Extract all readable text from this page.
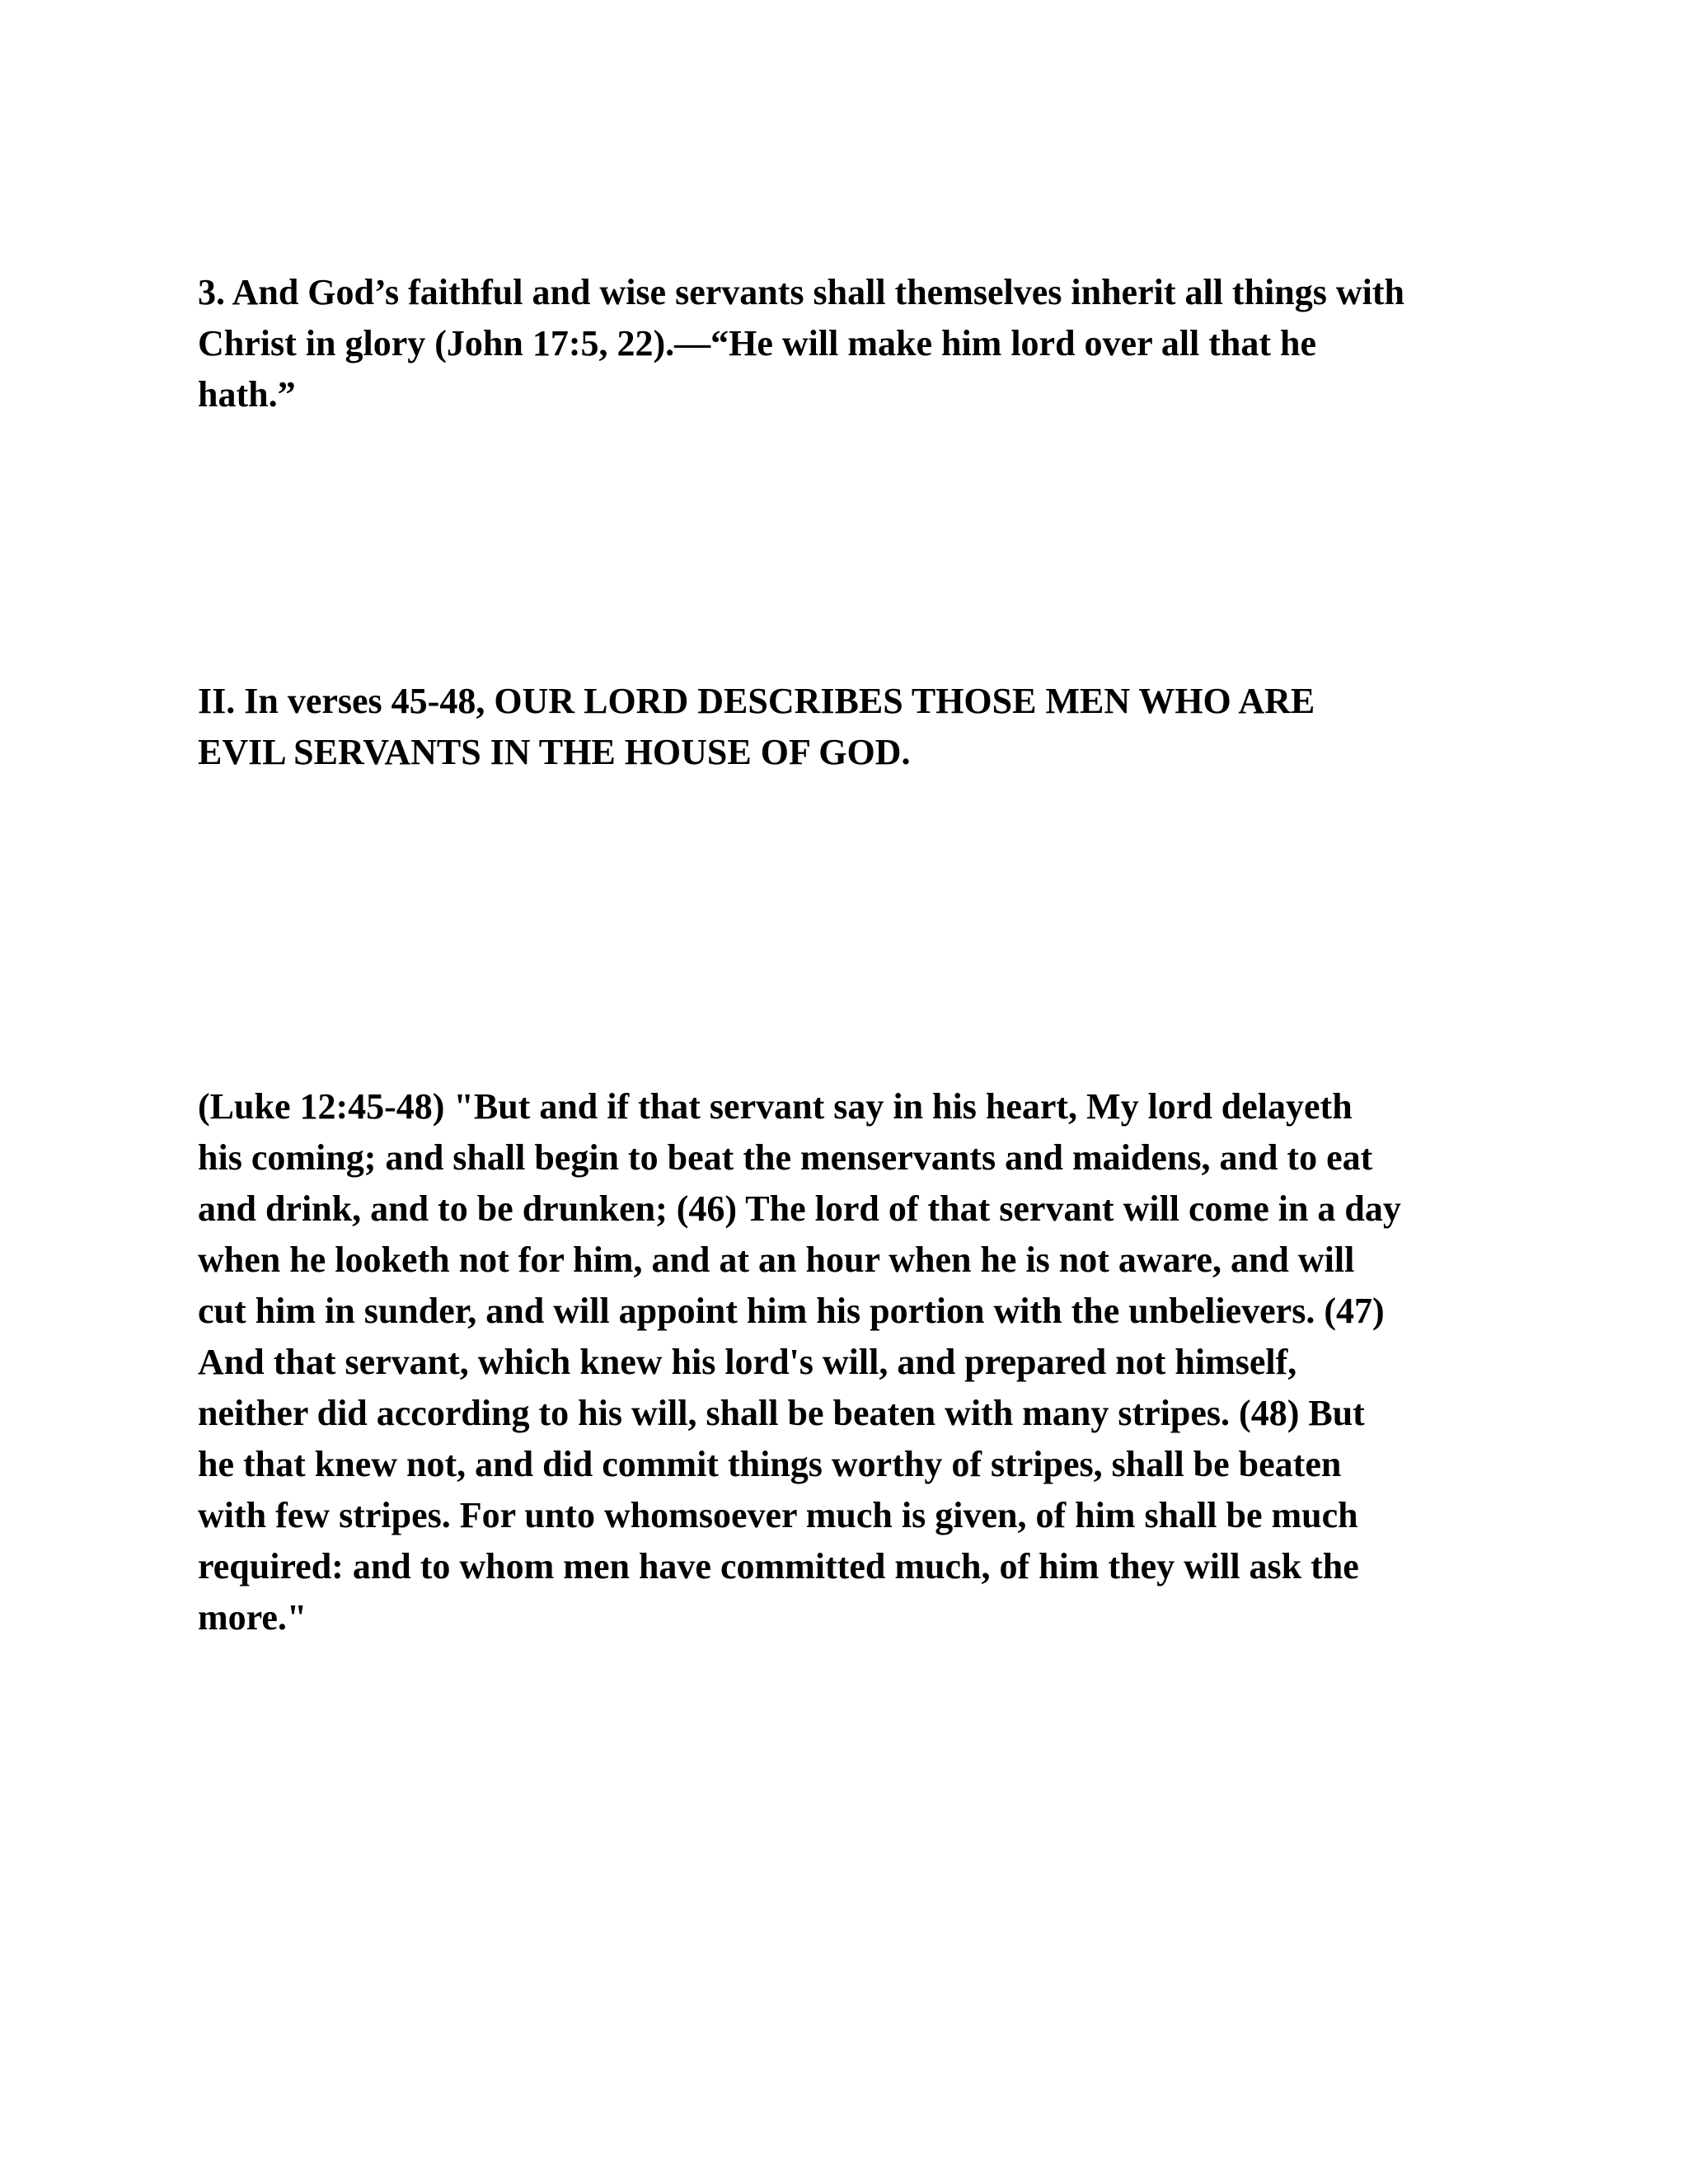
3. And God’s faithful and wise servants shall themselves inherit all things with
Christ in glory (John 17:5, 22).—“He will make him lord over all that he
hath.”
II. In verses 45-48, OUR LORD DESCRIBES THOSE MEN WHO ARE
EVIL SERVANTS IN THE HOUSE OF GOD.
(Luke 12:45-48) "But and if that servant say in his heart, My lord delayeth
his coming; and shall begin to beat the menservants and maidens, and to eat
and drink, and to be drunken; (46) The lord of that servant will come in a day
when he looketh not for him, and at an hour when he is not aware, and will
cut him in sunder, and will appoint him his portion with the unbelievers. (47)
And that servant, which knew his lord's will, and prepared not himself,
neither did according to his will, shall be beaten with many stripes. (48) But
he that knew not, and did commit things worthy of stripes, shall be beaten
with few stripes. For unto whomsoever much is given, of him shall be much
required: and to whom men have committed much, of him they will ask the
more."
